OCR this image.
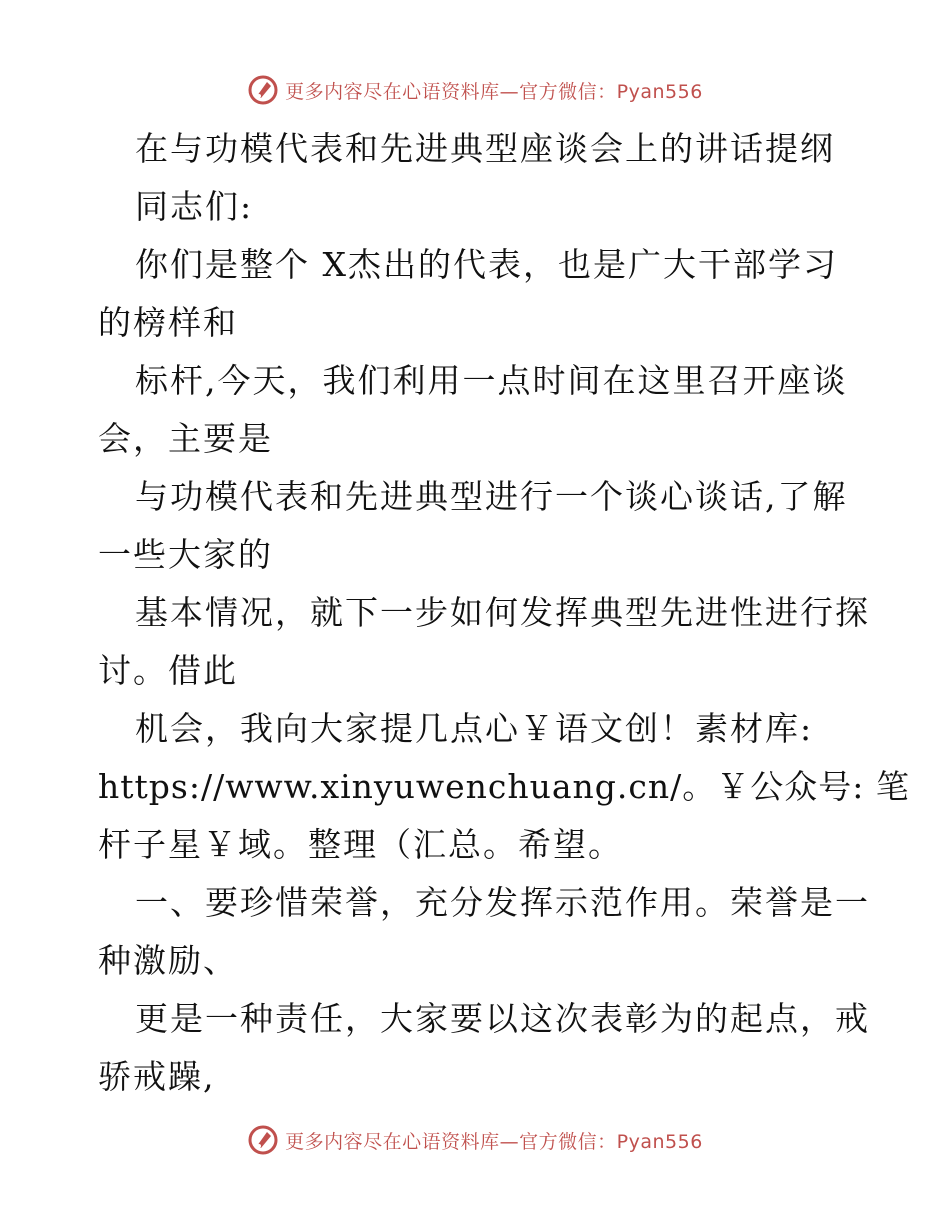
更多内容尽在心语资料库—官方微信：Pyan556
在与功模代表和先进典型座谈会上的讲话提纲
同志们:
你们是整个 X杰出的代表，也是广大干部学习
的榜样和
标杆,今天，我们利用一点时间在这里召开座谈
会，主要是
与功模代表和先进典型进行一个谈心谈话,了解
一些大家的
基本情况，就下一步如何发挥典型先进性进行探
讨。借此
机会，我向大家提几点心￥语文创！素材库:
https://www.xinyuwenchuang.cn/。￥公众号: 笔
杆子星￥域。整理（汇总。希望。
一、要珍惜荣誉，充分发挥示范作用。荣誉是一
种激励、
更是一种责任，大家要以这次表彰为的起点，戒
骄戒躁,
更多内容尽在心语资料库—官方微信：Pyan556
